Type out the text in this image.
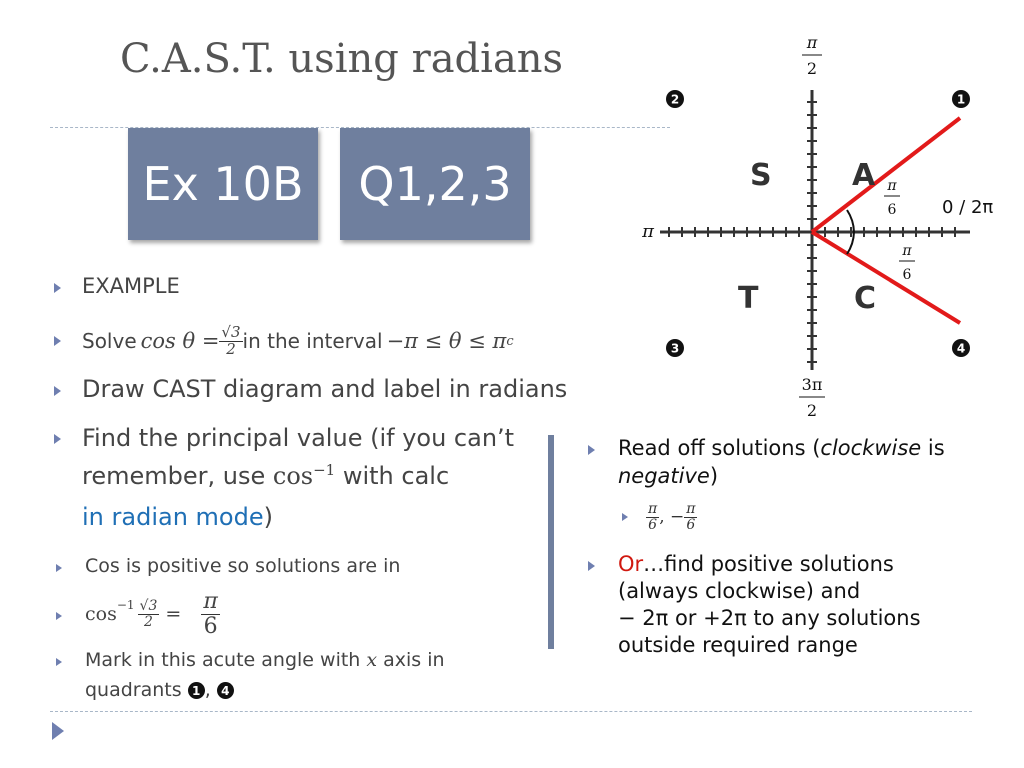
C.A.S.T. using radians
Ex 10B Q1,2,3
EXAMPLE
Solve $\cos \theta = \frac{√3}{2}$ in the interval −π ≤ θ ≤ π c
Draw CAST diagram and label in radians
Find the principal value (if you can’t
remember, use $\cos^{-1}$ with calc
in radian mode)
Cos is positive so solutions are in
$\cos^{-1} \frac{√3}{2} = \frac{\pi}{6}$
Mark in this acute angle with x axis in
quadrants 1 , 4
Read off solutions (clockwise is
negative)
$\frac{\pi}{6}$ , − $\frac{\pi}{6}$
Or…find positive solutions
(always clockwise) and
− 2π or +2π to any solutions
outside required range
S	A
T	C
π
2
3π
2
π
0 / 2π
π
6
π
6
2	1
3	4
